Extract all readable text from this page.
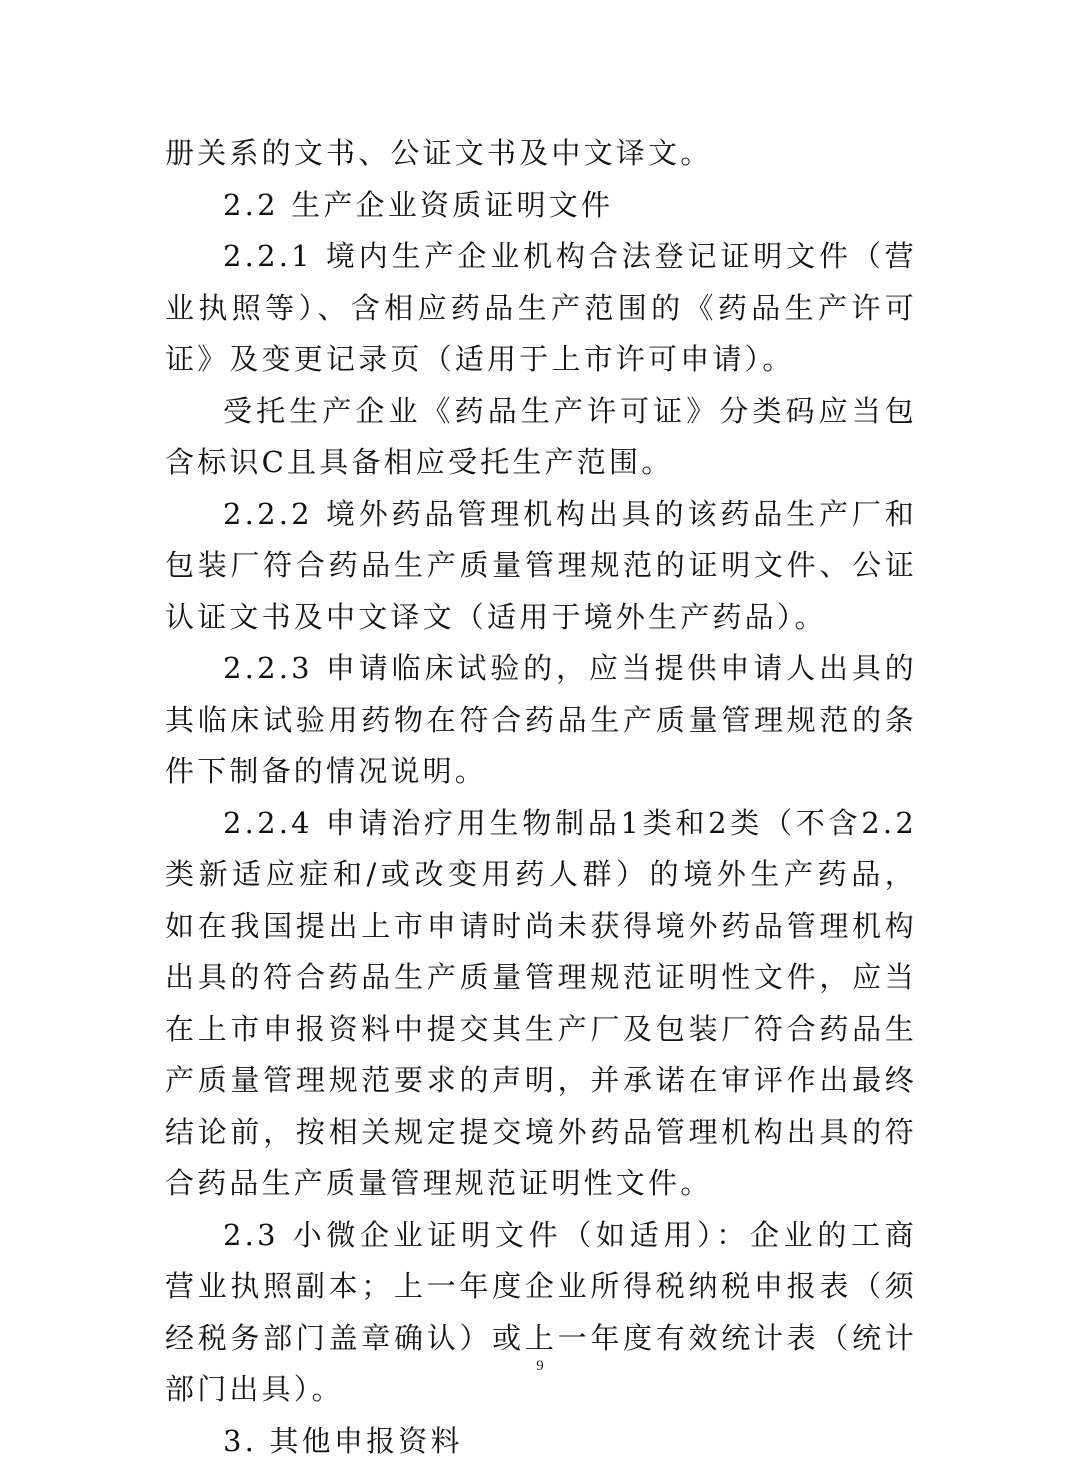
册关系的文书、公证文书及中文译文。

2.2 生产企业资质证明文件

2.2.1 境内生产企业机构合法登记证明文件（营业执照等）、含相应药品生产范围的《药品生产许可证》及变更记录页（适用于上市许可申请）。

受托生产企业《药品生产许可证》分类码应当包含标识C且具备相应受托生产范围。

2.2.2 境外药品管理机构出具的该药品生产厂和包装厂符合药品生产质量管理规范的证明文件、公证认证文书及中文译文（适用于境外生产药品）。

2.2.3 申请临床试验的，应当提供申请人出具的其临床试验用药物在符合药品生产质量管理规范的条件下制备的情况说明。

2.2.4 申请治疗用生物制品1类和2类（不含2.2类新适应症和/或改变用药人群）的境外生产药品，如在我国提出上市申请时尚未获得境外药品管理机构出具的符合药品生产质量管理规范证明性文件，应当在上市申报资料中提交其生产厂及包装厂符合药品生产质量管理规范要求的声明，并承诺在审评作出最终结论前，按相关规定提交境外药品管理机构出具的符合药品生产质量管理规范证明性文件。

2.3 小微企业证明文件（如适用）：企业的工商营业执照副本；上一年度企业所得税纳税申报表（须经税务部门盖章确认）或上一年度有效统计表（统计部门出具）。

3. 其他申报资料

9
